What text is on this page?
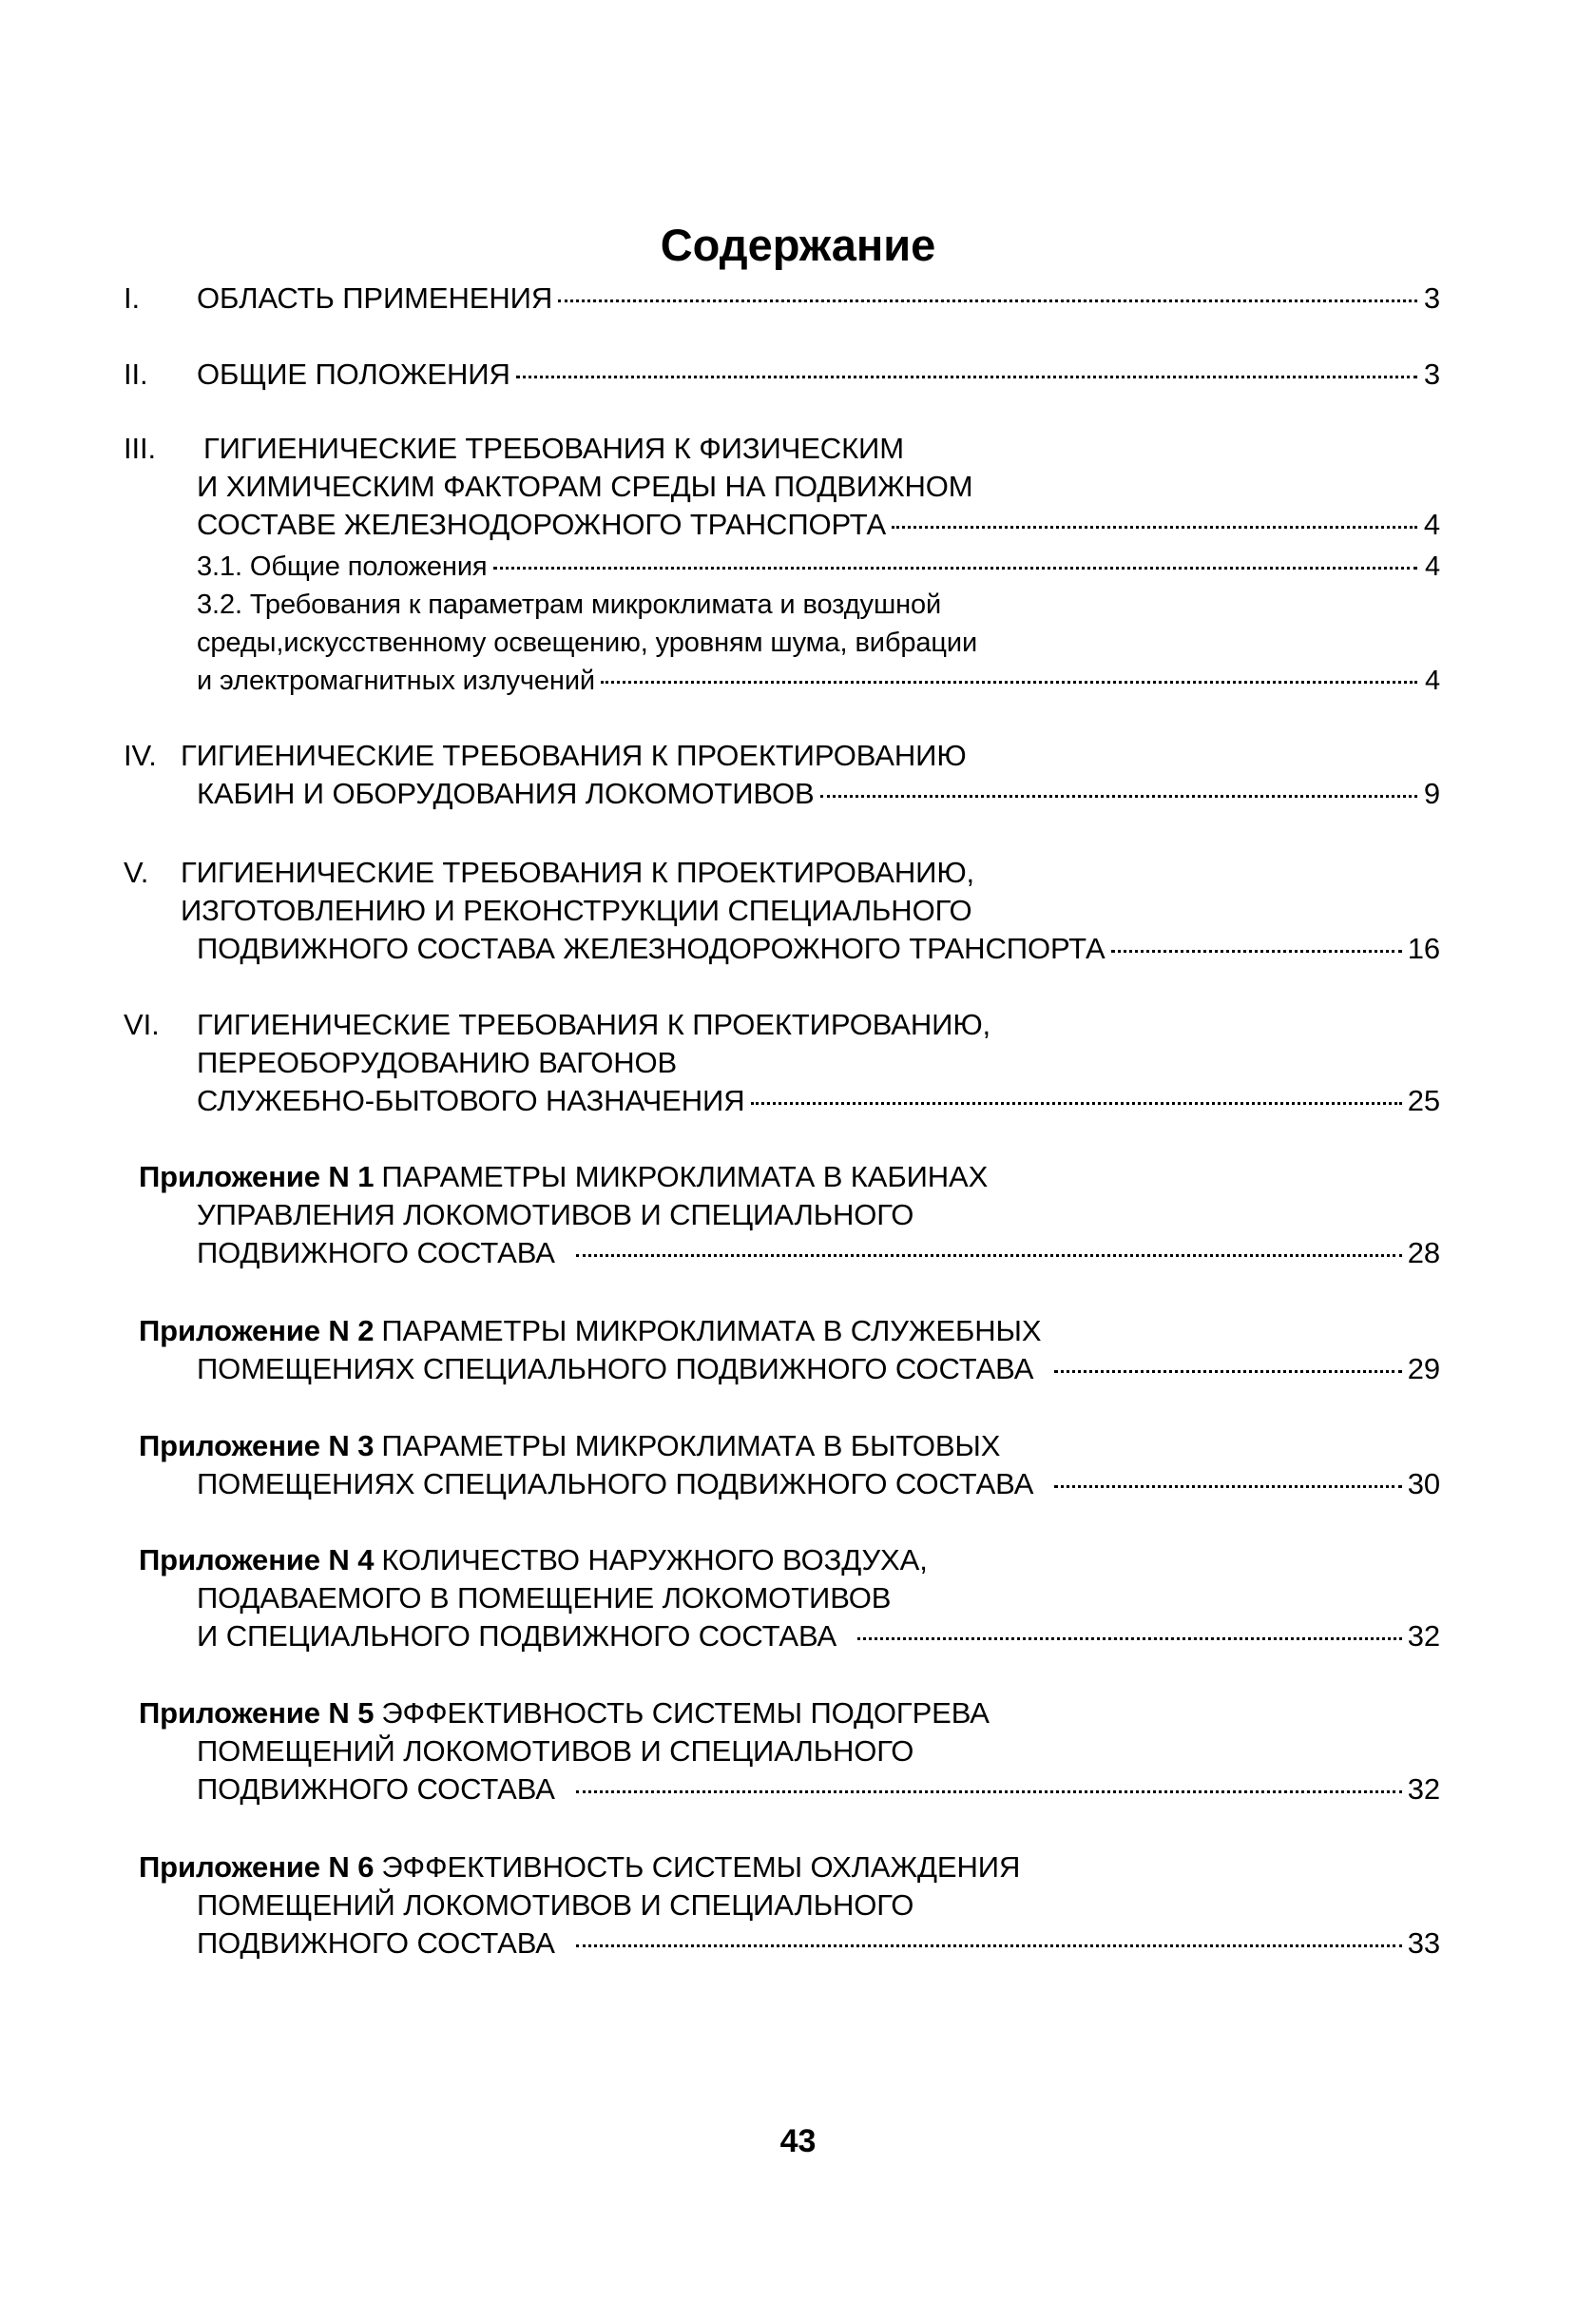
Содержание
I.	ОБЛАСТЬ ПРИМЕНЕНИЯ	3
II.	ОБЩИЕ ПОЛОЖЕНИЯ	3
III.	ГИГИЕНИЧЕСКИЕ ТРЕБОВАНИЯ К ФИЗИЧЕСКИМ
И ХИМИЧЕСКИМ ФАКТОРАМ СРЕДЫ НА ПОДВИЖНОМ
СОСТАВЕ ЖЕЛЕЗНОДОРОЖНОГО ТРАНСПОРТА	4
3.1. Общие положения	4
3.2. Требования к параметрам микроклимата и воздушной
среды,искусственному освещению, уровням шума, вибрации
и электромагнитных излучений	4
IV. ГИГИЕНИЧЕСКИЕ ТРЕБОВАНИЯ К ПРОЕКТИРОВАНИЮ
КАБИН И ОБОРУДОВАНИЯ ЛОКОМОТИВОВ	9
V.	ГИГИЕНИЧЕСКИЕ ТРЕБОВАНИЯ К ПРОЕКТИРОВАНИЮ,
ИЗГОТОВЛЕНИЮ И РЕКОНСТРУКЦИИ СПЕЦИАЛЬНОГО
ПОДВИЖНОГО СОСТАВА ЖЕЛЕЗНОДОРОЖНОГО ТРАНСПОРТА	16
VI.	ГИГИЕНИЧЕСКИЕ ТРЕБОВАНИЯ К ПРОЕКТИРОВАНИЮ,
ПЕРЕОБОРУДОВАНИЮ ВАГОНОВ
СЛУЖЕБНО-БЫТОВОГО НАЗНАЧЕНИЯ	25
Приложение N 1 ПАРАМЕТРЫ МИКРОКЛИМАТА В КАБИНАХ
УПРАВЛЕНИЯ ЛОКОМОТИВОВ И СПЕЦИАЛЬНОГО
ПОДВИЖНОГО СОСТАВА	28
Приложение N 2 ПАРАМЕТРЫ МИКРОКЛИМАТА В СЛУЖЕБНЫХ
ПОМЕЩЕНИЯХ СПЕЦИАЛЬНОГО ПОДВИЖНОГО СОСТАВА	29
Приложение N 3 ПАРАМЕТРЫ МИКРОКЛИМАТА В БЫТОВЫХ
ПОМЕЩЕНИЯХ СПЕЦИАЛЬНОГО ПОДВИЖНОГО СОСТАВА	30
Приложение N 4 КОЛИЧЕСТВО НАРУЖНОГО ВОЗДУХА,
ПОДАВАЕМОГО В ПОМЕЩЕНИЕ ЛОКОМОТИВОВ
И СПЕЦИАЛЬНОГО ПОДВИЖНОГО СОСТАВА	32
Приложение N 5 ЭФФЕКТИВНОСТЬ СИСТЕМЫ ПОДОГРЕВА
ПОМЕЩЕНИЙ ЛОКОМОТИВОВ И СПЕЦИАЛЬНОГО
ПОДВИЖНОГО СОСТАВА	32
Приложение N 6 ЭФФЕКТИВНОСТЬ СИСТЕМЫ ОХЛАЖДЕНИЯ
ПОМЕЩЕНИЙ ЛОКОМОТИВОВ И СПЕЦИАЛЬНОГО
ПОДВИЖНОГО СОСТАВА	33
43
